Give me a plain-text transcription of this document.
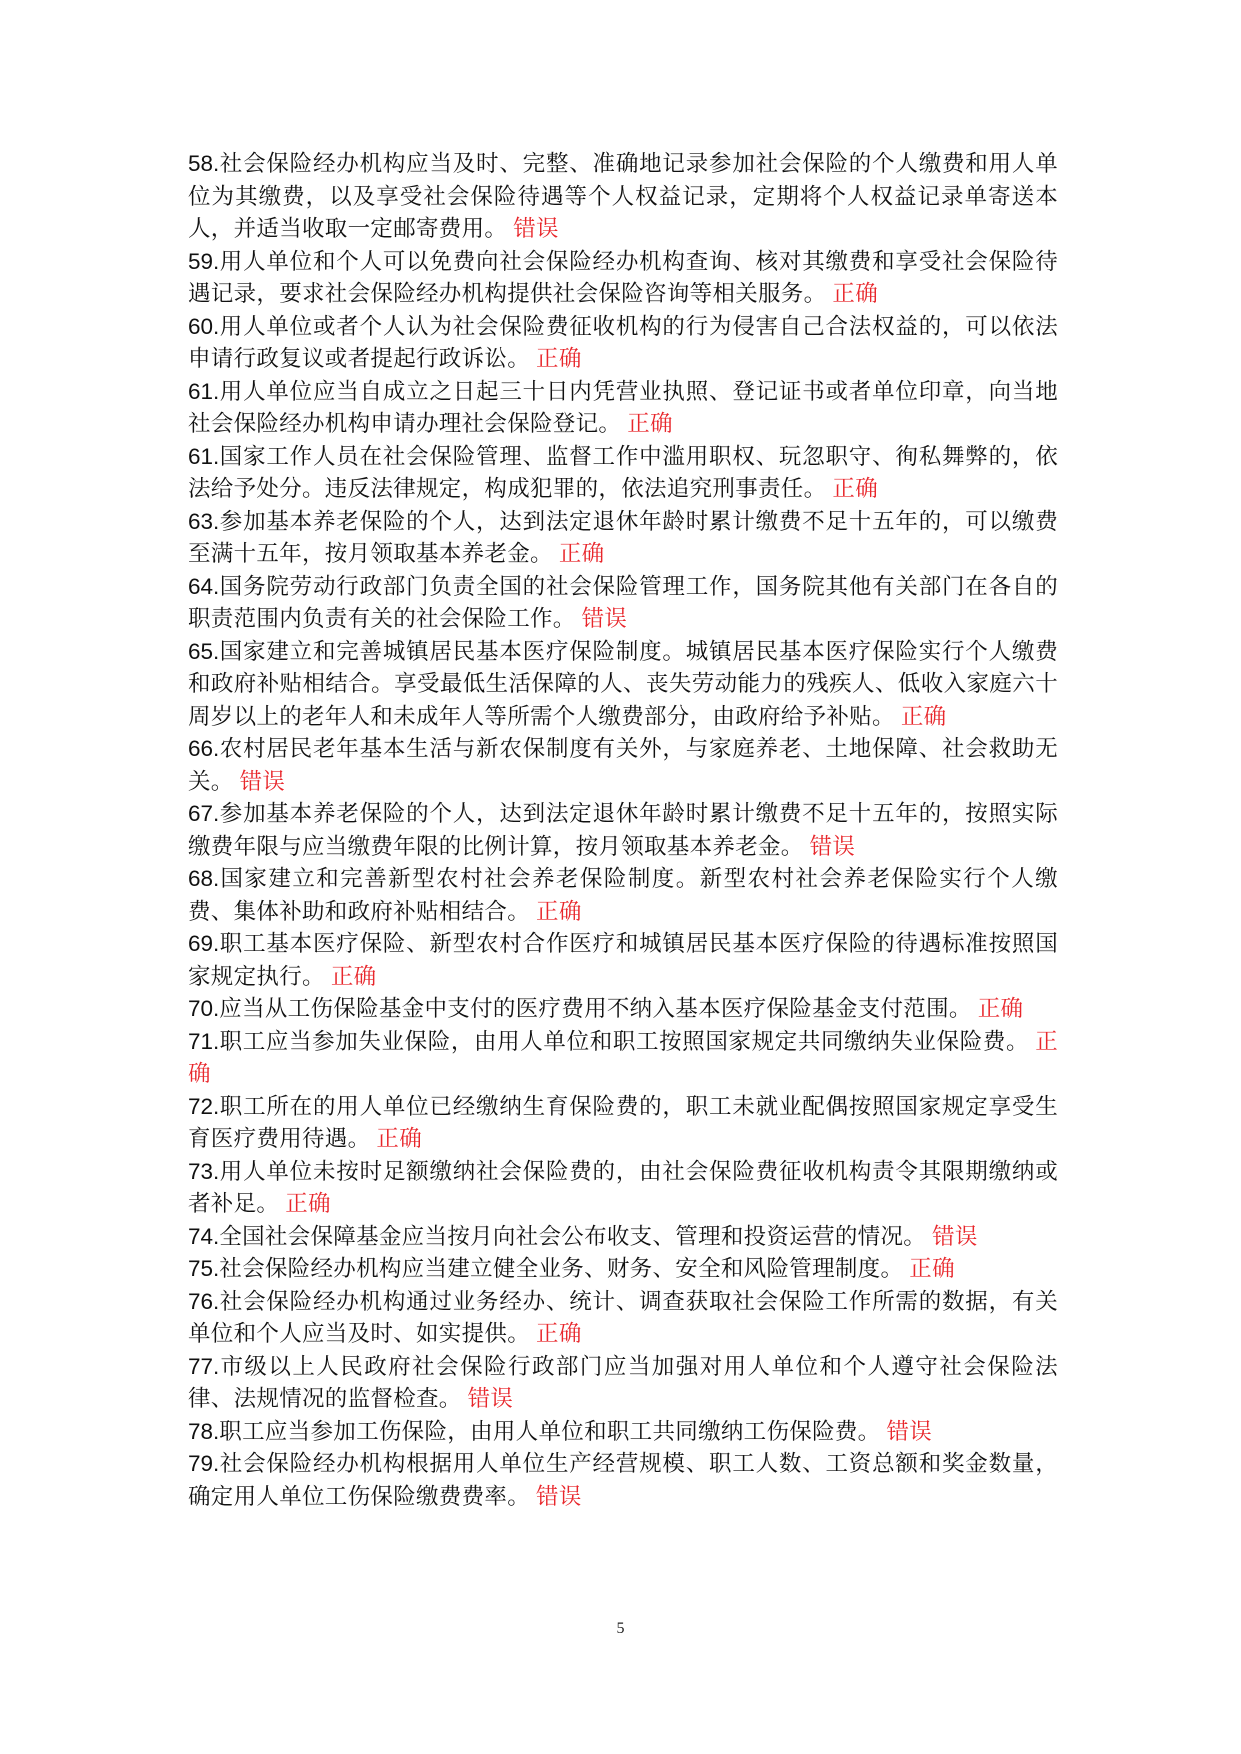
58.社会保险经办机构应当及时、完整、准确地记录参加社会保险的个人缴费和用人单位为其缴费，以及享受社会保险待遇等个人权益记录，定期将个人权益记录单寄送本人，并适当收取一定邮寄费用。 错误

59.用人单位和个人可以免费向社会保险经办机构查询、核对其缴费和享受社会保险待遇记录，要求社会保险经办机构提供社会保险咨询等相关服务。 正确

60.用人单位或者个人认为社会保险费征收机构的行为侵害自己合法权益的，可以依法申请行政复议或者提起行政诉讼。 正确

61.用人单位应当自成立之日起三十日内凭营业执照、登记证书或者单位印章，向当地社会保险经办机构申请办理社会保险登记。 正确

61.国家工作人员在社会保险管理、监督工作中滥用职权、玩忽职守、徇私舞弊的，依法给予处分。违反法律规定，构成犯罪的，依法追究刑事责任。 正确

63.参加基本养老保险的个人，达到法定退休年龄时累计缴费不足十五年的，可以缴费至满十五年，按月领取基本养老金。 正确

64.国务院劳动行政部门负责全国的社会保险管理工作，国务院其他有关部门在各自的职责范围内负责有关的社会保险工作。 错误

65.国家建立和完善城镇居民基本医疗保险制度。城镇居民基本医疗保险实行个人缴费和政府补贴相结合。享受最低生活保障的人、丧失劳动能力的残疾人、低收入家庭六十周岁以上的老年人和未成年人等所需个人缴费部分，由政府给予补贴。 正确

66.农村居民老年基本生活与新农保制度有关外，与家庭养老、土地保障、社会救助无关。 错误

67.参加基本养老保险的个人，达到法定退休年龄时累计缴费不足十五年的，按照实际缴费年限与应当缴费年限的比例计算，按月领取基本养老金。 错误

68.国家建立和完善新型农村社会养老保险制度。新型农村社会养老保险实行个人缴费、集体补助和政府补贴相结合。 正确

69.职工基本医疗保险、新型农村合作医疗和城镇居民基本医疗保险的待遇标准按照国家规定执行。 正确

70.应当从工伤保险基金中支付的医疗费用不纳入基本医疗保险基金支付范围。 正确

71.职工应当参加失业保险，由用人单位和职工按照国家规定共同缴纳失业保险费。 正确

72.职工所在的用人单位已经缴纳生育保险费的，职工未就业配偶按照国家规定享受生育医疗费用待遇。 正确

73.用人单位未按时足额缴纳社会保险费的，由社会保险费征收机构责令其限期缴纳或者补足。 正确

74.全国社会保障基金应当按月向社会公布收支、管理和投资运营的情况。 错误

75.社会保险经办机构应当建立健全业务、财务、安全和风险管理制度。 正确

76.社会保险经办机构通过业务经办、统计、调查获取社会保险工作所需的数据，有关单位和个人应当及时、如实提供。 正确

77.市级以上人民政府社会保险行政部门应当加强对用人单位和个人遵守社会保险法律、法规情况的监督检查。 错误

78.职工应当参加工伤保险，由用人单位和职工共同缴纳工伤保险费。 错误

79.社会保险经办机构根据用人单位生产经营规模、职工人数、工资总额和奖金数量，确定用人单位工伤保险缴费费率。 错误

5
